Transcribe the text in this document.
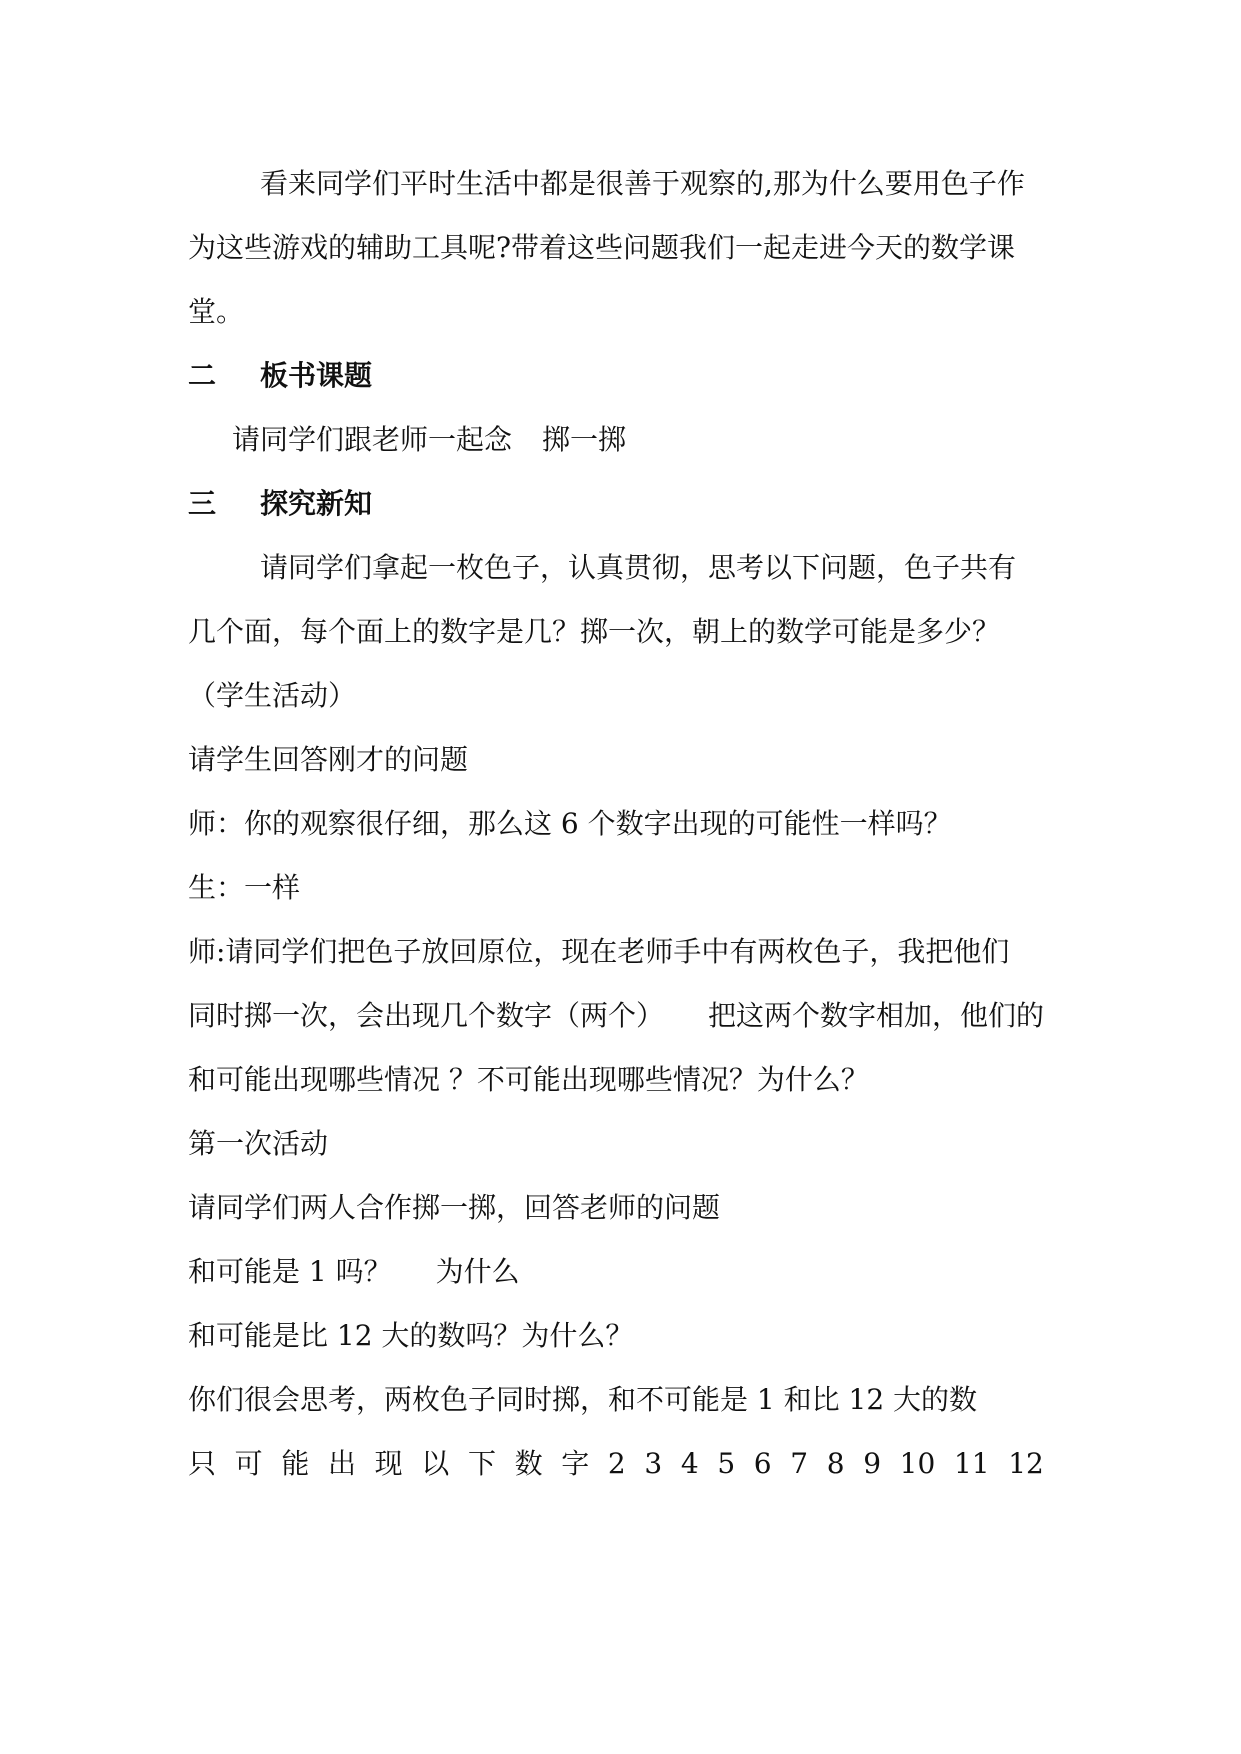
看来同学们平时生活中都是很善于观察的,那为什么要用色子作
为这些游戏的辅助工具呢?带着这些问题我们一起走进今天的数学课
堂。
二 板书课题
请同学们跟老师一起念 掷一掷
三 探究新知
请同学们拿起一枚色子，认真贯彻，思考以下问题，色子共有
几个面，每个面上的数字是几？掷一次，朝上的数学可能是多少？
（学生活动）
请学生回答刚才的问题
师：你的观察很仔细，那么这 6 个数字出现的可能性一样吗？
生：一样
师:请同学们把色子放回原位，现在老师手中有两枚色子，我把他们
同时掷一次，会出现几个数字（两个） 把这两个数字相加，他们的
和可能出现哪些情况 ？不可能出现哪些情况？为什么？
第一次活动
请同学们两人合作掷一掷，回答老师的问题
和可能是 1 吗？ 为什么
和可能是比 12 大的数吗？为什么？
你们很会思考，两枚色子同时掷，和不可能是 1 和比 12 大的数
只 可 能 出 现 以 下 数 字 2 3 4 5 6 7 8 9 10 11 12
